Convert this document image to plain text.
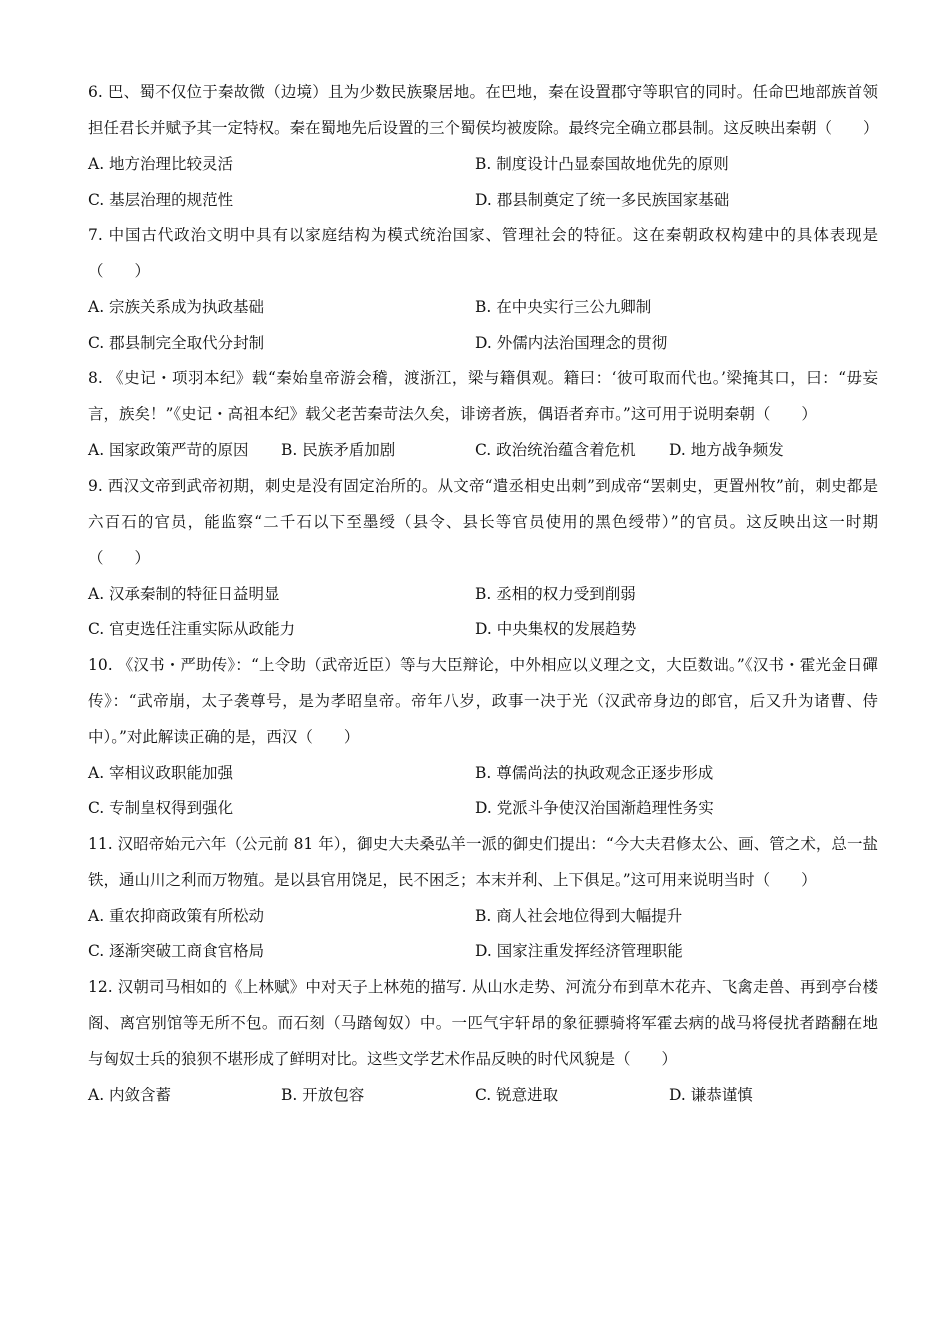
6. 巴、蜀不仅位于秦故微（边境）且为少数民族聚居地。在巴地，秦在设置郡守等职官的同时。任命巴地部族首领担任君长并赋予其一定特权。秦在蜀地先后设置的三个蜀侯均被废除。最终完全确立郡县制。这反映出秦朝（　　）
A. 地方治理比较灵活	B. 制度设计凸显泰国故地优先的原则
C. 基层治理的规范性	D. 郡县制奠定了统一多民族国家基础
7. 中国古代政治文明中具有以家庭结构为模式统治国家、管理社会的特征。这在秦朝政权构建中的具体表现是（　　）
A. 宗族关系成为执政基础	B. 在中央实行三公九卿制
C. 郡县制完全取代分封制	D. 外儒内法治国理念的贯彻
8. 《史记・项羽本纪》载“秦始皇帝游会稽，渡浙江，梁与籍俱观。籍曰：‘彼可取而代也。’梁掩其口，曰：“毋妄言，族矣！”《史记・高祖本纪》载父老苦秦苛法久矣，诽谤者族，偶语者弃市。”这可用于说明秦朝（　　）
A. 国家政策严苛的原因 B. 民族矛盾加剧	C. 政治统治蕴含着危机 D. 地方战争频发
9. 西汉文帝到武帝初期，刺史是没有固定治所的。从文帝“遣丞相史出刺”到成帝“罢刺史，更置州牧”前，刺史都是六百石的官员，能监察“二千石以下至墨绶（县令、县长等官员使用的黑色绶带）”的官员。这反映出这一时期（　　）
A. 汉承秦制的特征日益明显	B. 丞相的权力受到削弱
C. 官吏选任注重实际从政能力	D. 中央集权的发展趋势
10. 《汉书・严助传》：“上令助（武帝近臣）等与大臣辩论，中外相应以义理之文，大臣数诎。”《汉书・霍光金日磾传》：“武帝崩，太子袭尊号，是为孝昭皇帝。帝年八岁，政事一决于光（汉武帝身边的郎官，后又升为诸曹、侍中）。”对此解读正确的是，西汉（　　）
A. 宰相议政职能加强	B. 尊儒尚法的执政观念正逐步形成
C. 专制皇权得到强化	D. 党派斗争使汉治国渐趋理性务实
11. 汉昭帝始元六年（公元前 81 年），御史大夫桑弘羊一派的御史们提出：“今大夫君修太公、画、管之术，总一盐铁，通山川之利而万物殖。是以县官用饶足，民不困乏；本末并利、上下俱足。”这可用来说明当时（　　）
A. 重农抑商政策有所松动	B. 商人社会地位得到大幅提升
C. 逐渐突破工商食官格局	D. 国家注重发挥经济管理职能
12. 汉朝司马相如的《上林赋》中对天子上林苑的描写. 从山水走势、河流分布到草木花卉、飞禽走兽、再到亭台楼阁、离宫别馆等无所不包。而石刻（马踏匈奴）中。一匹气宇轩昂的象征骠骑将军霍去病的战马将侵扰者踏翻在地与匈奴士兵的狼狈不堪形成了鲜明对比。这些文学艺术作品反映的时代风貌是（　　）
A. 内敛含蓄	B. 开放包容	C. 锐意进取	D. 谦恭谨慎
